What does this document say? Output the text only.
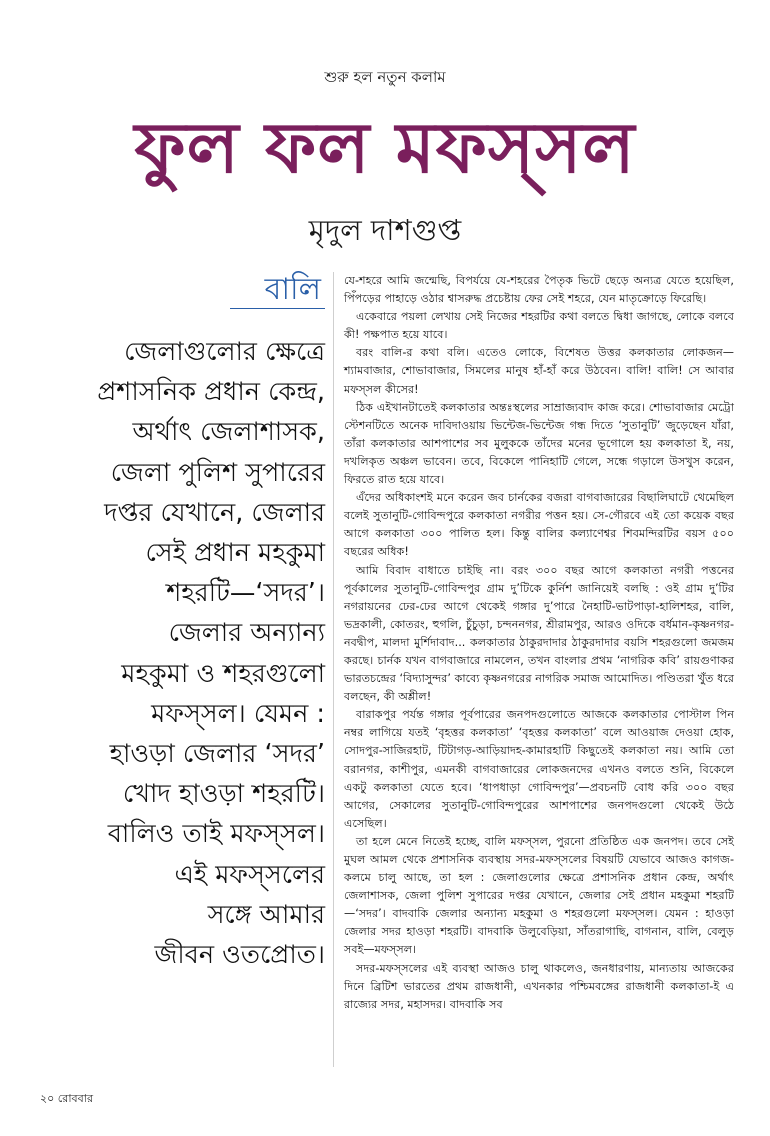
শুরু হল নতুন কলাম
ফুল ফল মফস্‌সল
মৃদুল দাশগুপ্ত
বালি
জেলাগুলোর ক্ষেত্রে
প্রশাসনিক প্রধান কেন্দ্র,
অর্থাৎ জেলাশাসক,
জেলা পুলিশ সুপারের
দপ্তর যেখানে, জেলার
সেই প্রধান মহকুমা
শহরটি—‘সদর’।
জেলার অন্যান্য
মহকুমা ও শহরগুলো
মফস্‌সল। যেমন :
হাওড়া জেলার ‘সদর’
খোদ হাওড়া শহরটি।
বালিও তাই মফস্‌সল।
এই মফস্‌সলের
সঙ্গে আমার
জীবন ওতপ্রোত।

যে-শহরে আমি জন্মেছি, বিপর্যয়ে যে-শহরের পৈতৃক ভিটে ছেড়ে অন্যত্র যেতে হয়েছিল, পিঁপড়ের পাহাড়ে ওঠার শ্বাসরুদ্ধ প্রচেষ্টায় ফের সেই শহরে, যেন মাতৃক্রোড়ে ফিরেছি।

একেবারে পয়লা লেখায় সেই নিজের শহরটির কথা বলতে দ্বিধা জাগছে, লোকে বলবে কী! পক্ষপাত হয়ে যাবে।

বরং বালি-র কথা বলি। এতেও লোকে, বিশেষত উত্তর কলকাতার লোকজন—শ্যামবাজার, শোভাবাজার, সিমলের মানুষ হাঁ-হাঁ করে উঠবেন। বালি! বালি! সে আবার মফস্‌সল কীসের!

ঠিক এইখানটাতেই কলকাতার অন্তঃস্থলের সাম্রাজ্যবাদ কাজ করে। শোভাবাজার মেট্রো স্টেশনটিতে অনেক দাবিদাওয়ায় ভিন্টেজ-ভিন্টেজ গন্ধ দিতে ‘সুতানুটি’ জুড়েছেন যাঁরা, তাঁরা কলকাতার আশপাশের সব মুলুককে তাঁদের মনের ভূগোলে হয় কলকাতা ই, নয়, দখলিকৃত অঞ্চল ভাবেন। তবে, বিকেলে পানিহাটি গেলে, সন্ধে গড়ালে উসখুস করেন, ফিরতে রাত হয়ে যাবে।

এঁদের অধিকাংশই মনে করেন জব চার্নকের বজরা বাগবাজারের বিছালিঘাটে থেমেছিল বলেই সুতানুটি-গোবিন্দপুরে কলকাতা নগরীর পত্তন হয়। সে-গৌরবে এই তো কয়েক বছর আগে কলকাতা ৩০০ পালিত হল। কিন্তু বালির কল্যাণেশ্বর শিবমন্দিরটির বয়স ৫০০ বছরের অধিক!

আমি বিবাদ বাধাতে চাইছি না। বরং ৩০০ বছর আগে কলকাতা নগরী পত্তনের পূর্বকালের সুতানুটি-গোবিন্দপুর গ্রাম দু’টিকে কুর্নিশ জানিয়েই বলছি : ওই গ্রাম দু’টির নগরায়নের ঢের-ঢের আগে থেকেই গঙ্গার দু’পারে নৈহাটি-ভাটপাড়া-হালিশহর, বালি, ভদ্রকালী, কোতরং, হুগলি, চুঁচুড়া, চন্দননগর, শ্রীরামপুর, আরও ওদিকে বর্ধমান-কৃষ্ণনগর-নবদ্বীপ, মালদা মুর্শিদাবাদ... কলকাতার ঠাকুরদাদার ঠাকুরদাদার বয়সি শহরগুলো জমজম করছে। চার্নক যখন বাগবাজারে নামলেন, তখন বাংলার প্রথম ‘নাগরিক কবি’ রায়গুণাকর ভারতচন্দ্রের ‘বিদ্যাসুন্দর’ কাব্যে কৃষ্ণনগরের নাগরিক সমাজ আমোদিত। পণ্ডিতরা খুঁত ধরে বলছেন, কী অশ্লীল!

বারাকপুর পর্যন্ত গঙ্গার পূর্বপারের জনপদগুলোতে আজকে কলকাতার পোস্টাল পিন নম্বর লাগিয়ে যতই ‘বৃহত্তর কলকাতা’ ‘বৃহত্তর কলকাতা’ বলে আওয়াজ দেওয়া হোক, সোদপুর-সাজিরহাট, টিটাগড়-আড়িয়াদহ-কামারহাটি কিছুতেই কলকাতা নয়। আমি তো বরানগর, কাশীপুর, এমনকী বাগবাজারের লোকজনদের এখনও বলতে শুনি, বিকেলে একটু কলকাতা যেতে হবে। ‘ধাপধাড়া গোবিন্দপুর’—প্রবচনটি বোধ করি ৩০০ বছর আগের, সেকালের সুতানুটি-গোবিন্দপুরের আশপাশের জনপদগুলো থেকেই উঠে এসেছিল।

তা হলে মেনে নিতেই হচ্ছে, বালি মফস্‌সল, পুরনো প্রতিষ্ঠিত এক জনপদ। তবে সেই মুঘল আমল থেকে প্রশাসনিক ব্যবস্থায় সদর-মফস্‌সলের বিষয়টি যেভাবে আজও কাগজ-কলমে চালু আছে, তা হল : জেলাগুলোর ক্ষেত্রে প্রশাসনিক প্রধান কেন্দ্র, অর্থাৎ জেলাশাসক, জেলা পুলিশ সুপারের দপ্তর যেখানে, জেলার সেই প্রধান মহকুমা শহরটি—‘সদর’। বাদবাকি জেলার অন্যান্য মহকুমা ও শহরগুলো মফস্‌সল। যেমন : হাওড়া জেলার সদর হাওড়া শহরটি। বাদবাকি উলুবেড়িয়া, সাঁতরাগাছি, বাগনান, বালি, বেলুড় সবই—মফস্‌সল।

সদর-মফস্‌সলের এই ব্যবস্থা আজও চালু থাকলেও, জনধারণায়, মান্যতায় আজকের দিনে ব্রিটিশ ভারতের প্রথম রাজধানী, এখনকার পশ্চিমবঙ্গের রাজধানী কলকাতা-ই এ রাজ্যের সদর, মহাসদর। বাদবাকি সব

২০ রোববার
